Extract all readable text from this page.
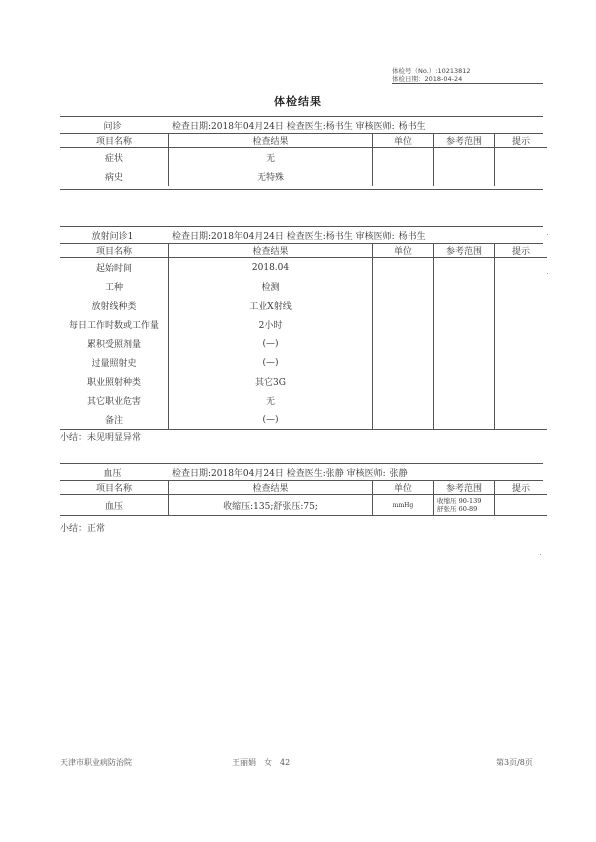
体检号（No.）:10213812
体检日期：2018-04-24
体检结果
问诊	检查日期:2018年04月24日 检查医生:杨书生 审核医师: 杨书生
项目名称	检查结果	单位	参考范围	提示
症状	无			
病史	无特殊			
放射问诊1	检查日期:2018年04月24日 检查医生:杨书生 审核医师: 杨书生
项目名称	检查结果	单位	参考范围	提示
起始时间	2018.04			
工种	检测			
放射线种类	工业X射线			
每日工作时数或工作量	2小时			
累积受照剂量	(—)			
过量照射史	(—)			
职业照射种类	其它3G			
其它职业危害	无			
备注	(—)			
小结：未见明显异常
血压	检查日期:2018年04月24日 检查医生:张静 审核医师: 张静
项目名称	检查结果	单位	参考范围	提示
血压	收缩压:135;舒张压:75;	mmHg	收缩压 90-139
舒张压 60-89	

小结：正常
天津市职业病防治院	王丽娟　女　42	第3页/8页
